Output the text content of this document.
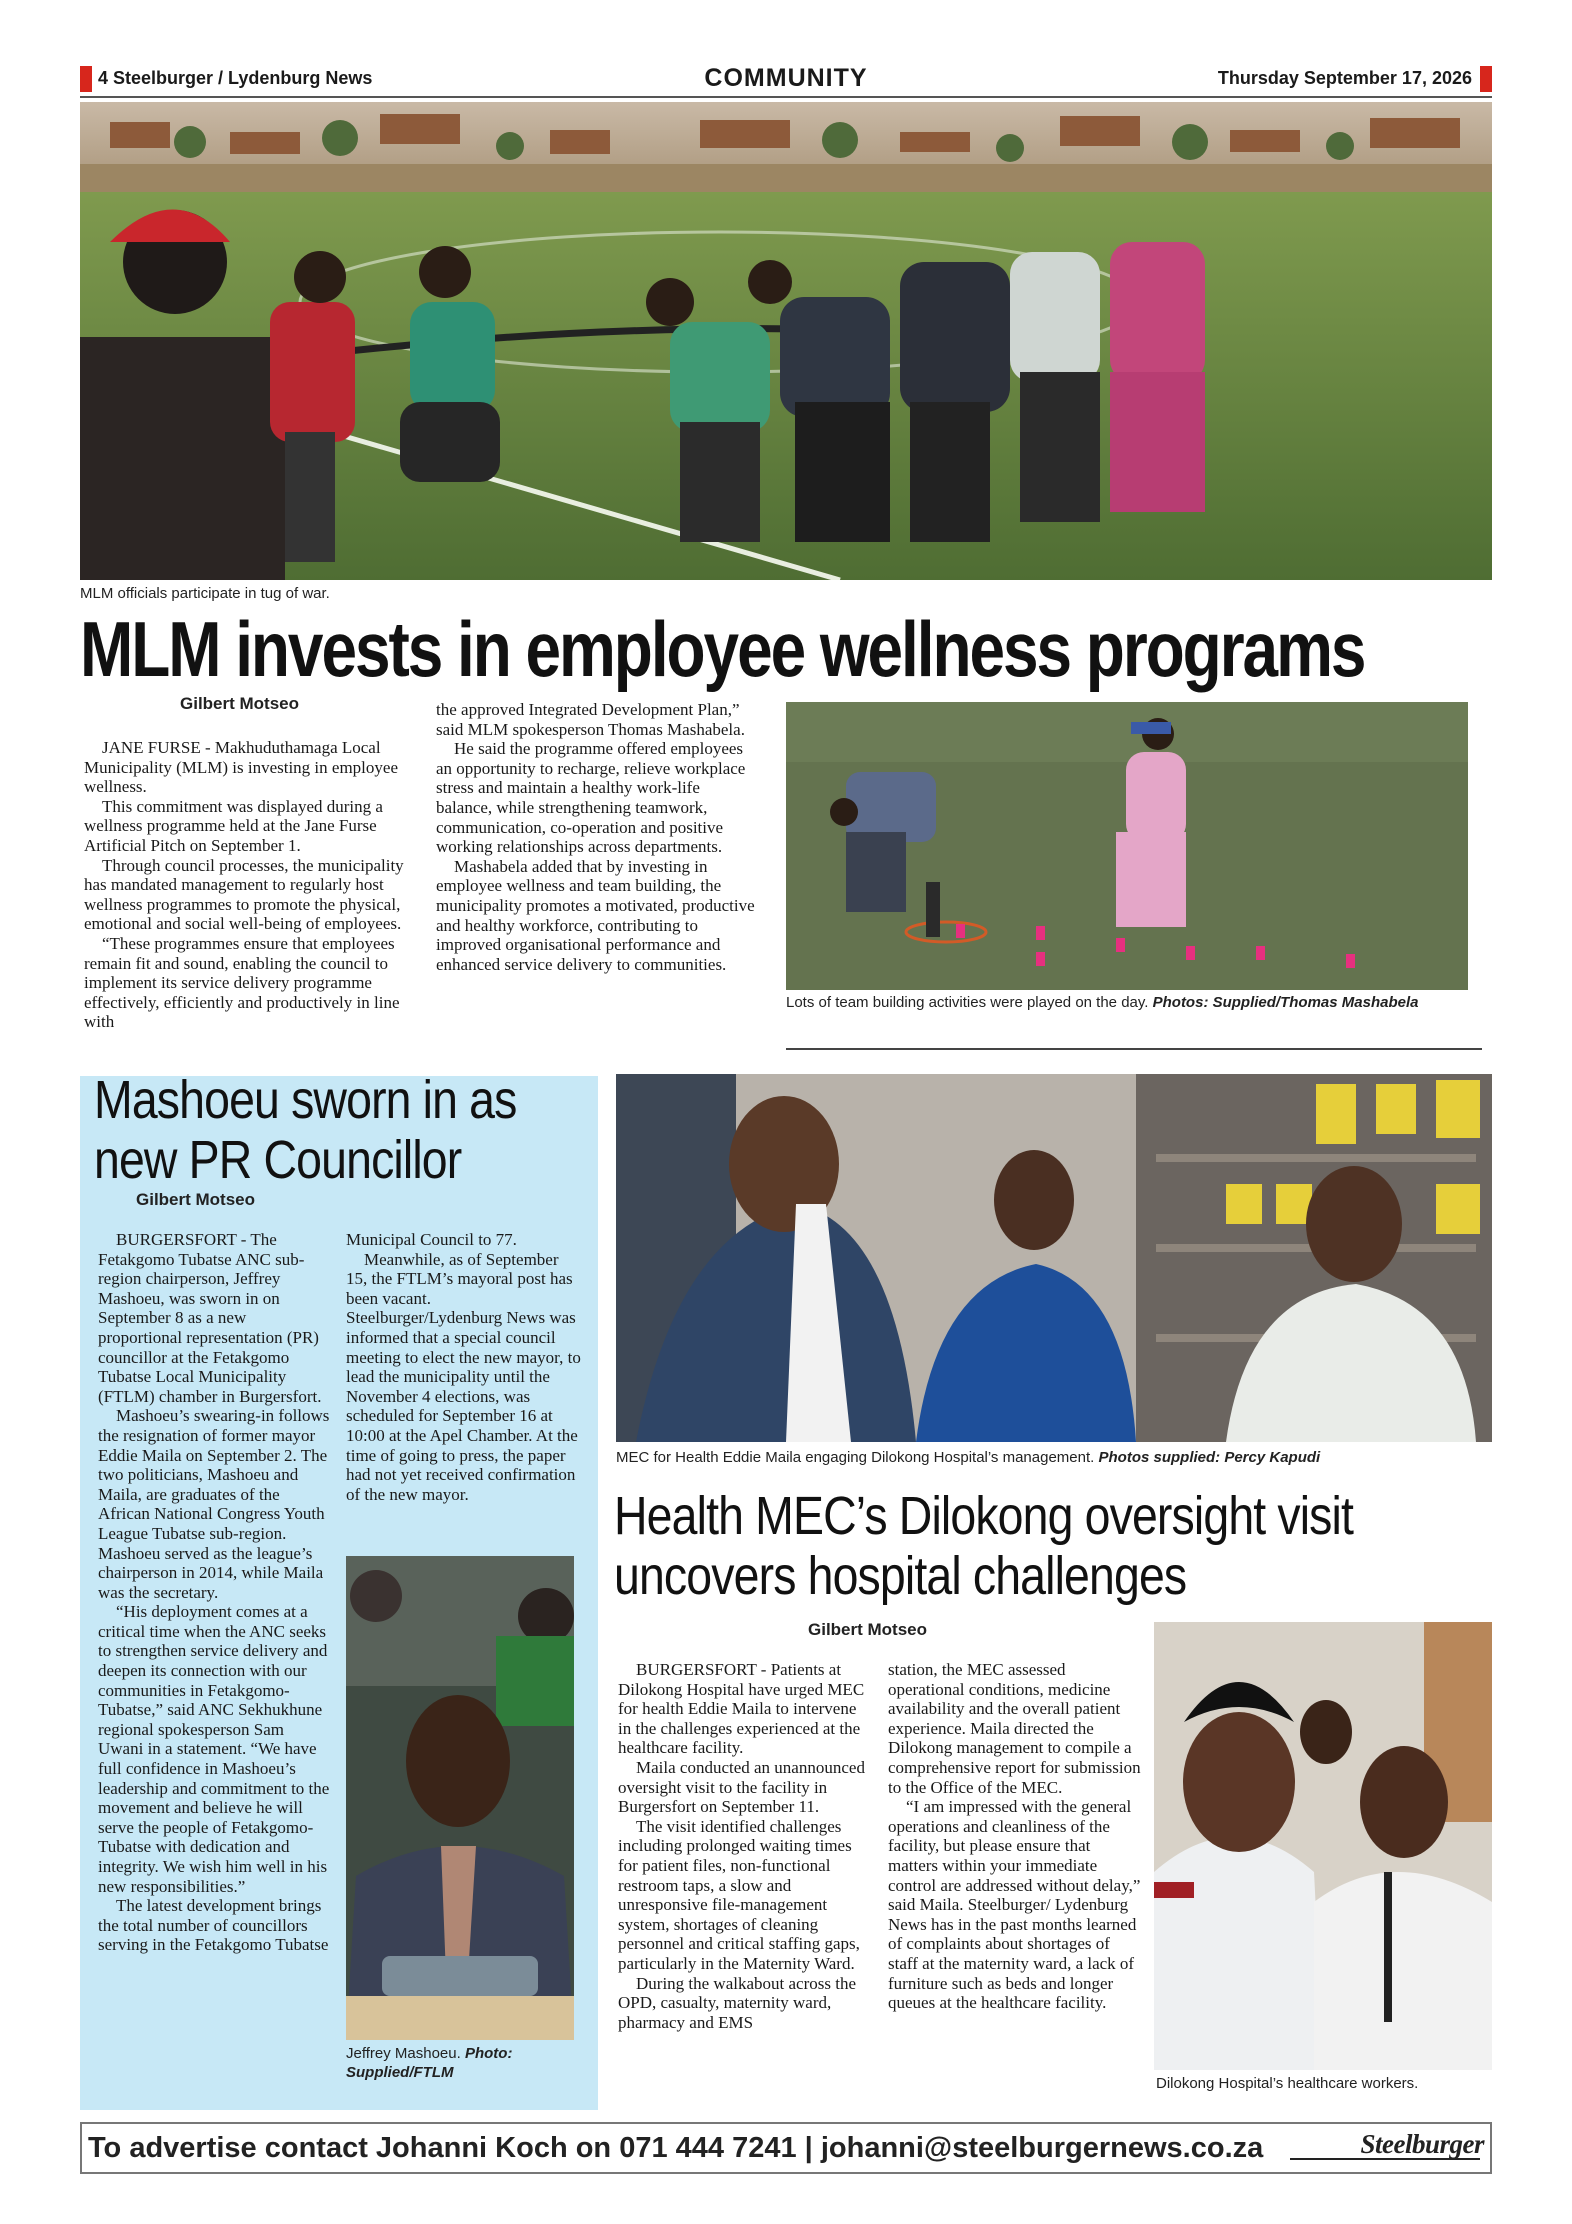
4 Steelburger / Lydenburg News	COMMUNITY	Thursday September 17, 2026
MLM officials participate in tug of war.
MLM invests in employee wellness programs
Gilbert Motseo

JANE FURSE - Makhuduthamaga Local Municipality (MLM) is investing in employee wellness.

This commitment was displayed during a wellness programme held at the Jane Furse Artificial Pitch on September 1.

Through council processes, the municipality has mandated management to regularly host wellness programmes to promote the physical, emotional and social well-being of employees.

“These programmes ensure that employees remain fit and sound, enabling the council to implement its service delivery programme effectively, efficiently and productively in line with

the approved Integrated Development Plan,” said MLM spokesperson Thomas Mashabela.

He said the programme offered employees an opportunity to recharge, relieve workplace stress and maintain a healthy work-life balance, while strengthening teamwork, communication, co-operation and positive working relationships across departments.

Mashabela added that by investing in employee wellness and team building, the municipality promotes a motivated, productive and healthy workforce, contributing to improved organisational performance and enhanced service delivery to communities.

Lots of team building activities were played on the day. Photos: Supplied/Thomas Mashabela
Mashoeu sworn in as
new PR Councillor
Gilbert Motseo

BURGERSFORT - The Fetakgomo Tubatse ANC sub-region chairperson, Jeffrey Mashoeu, was sworn in on September 8 as a new proportional representation (PR) councillor at the Fetakgomo Tubatse Local Municipality (FTLM) chamber in Burgersfort.

Mashoeu’s swearing-in follows the resignation of former mayor Eddie Maila on September 2. The two politicians, Mashoeu and Maila, are graduates of the African National Congress Youth League Tubatse sub-region. Mashoeu served as the league’s chairperson in 2014, while Maila was the secretary.

“His deployment comes at a critical time when the ANC seeks to strengthen service delivery and deepen its connection with our communities in Fetakgomo-Tubatse,” said ANC Sekhukhune regional spokesperson Sam Uwani in a statement. “We have full confidence in Mashoeu’s leadership and commitment to the movement and believe he will serve the people of Fetakgomo-Tubatse with dedication and integrity. We wish him well in his new responsibilities.”

The latest development brings the total number of councillors serving in the Fetakgomo Tubatse

Municipal Council to 77.

Meanwhile, as of September 15, the FTLM’s mayoral post has been vacant. Steelburger/Lydenburg News was informed that a special council meeting to elect the new mayor, to lead the municipality until the November 4 elections, was scheduled for September 16 at 10:00 at the Apel Chamber. At the time of going to press, the paper had not yet received confirmation of the new mayor.

Jeffrey Mashoeu. Photo: Supplied/FTLM
MEC for Health Eddie Maila engaging Dilokong Hospital’s management. Photos supplied: Percy Kapudi
Health MEC’s Dilokong oversight visit
uncovers hospital challenges
Gilbert Motseo

BURGERSFORT - Patients at Dilokong Hospital have urged MEC for health Eddie Maila to intervene in the challenges experienced at the healthcare facility.

Maila conducted an unannounced oversight visit to the facility in Burgersfort on September 11.

The visit identified challenges including prolonged waiting times for patient files, non-functional restroom taps, a slow and unresponsive file-management system, shortages of cleaning personnel and critical staffing gaps, particularly in the Maternity Ward.

During the walkabout across the OPD, casualty, maternity ward, pharmacy and EMS

station, the MEC assessed operational conditions, medicine availability and the overall patient experience. Maila directed the Dilokong management to compile a comprehensive report for submission to the Office of the MEC.

“I am impressed with the general operations and cleanliness of the facility, but please ensure that matters within your immediate control are addressed without delay,” said Maila. Steelburger/ Lydenburg News has in the past months learned of complaints about shortages of staff at the maternity ward, a lack of furniture such as beds and longer queues at the healthcare facility.

Dilokong Hospital’s healthcare workers.
To advertise contact Johanni Koch on 071 444 7241 | johanni@steelburgernews.co.za	Steelburger
